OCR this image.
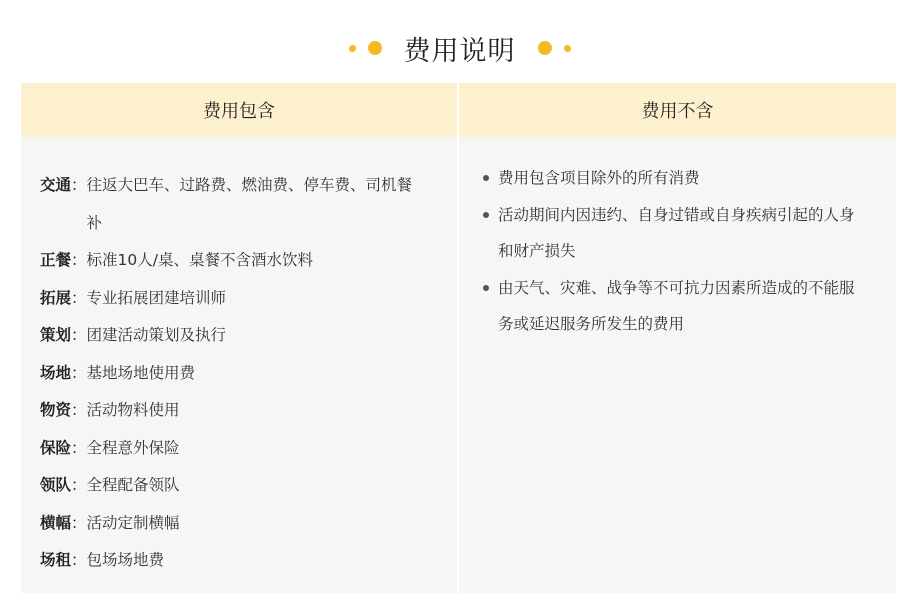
费用说明
费用包含
交通 ： 往返大巴车、过路费、燃油费、停车费、司机餐补
正餐 ： 标准10人/桌、桌餐不含酒水饮料
拓展 ： 专业拓展团建培训师
策划 ： 团建活动策划及执行
场地 ： 基地场地使用费
物资 ： 活动物料使用
保险 ： 全程意外保险
领队 ： 全程配备领队
横幅 ： 活动定制横幅
场租 ： 包场场地费
费用不含
费用包含项目除外的所有消费
活动期间内因违约、自身过错或自身疾病引起的人身和财产损失
由天气、灾难、战争等不可抗力因素所造成的不能服务或延迟服务所发生的费用
